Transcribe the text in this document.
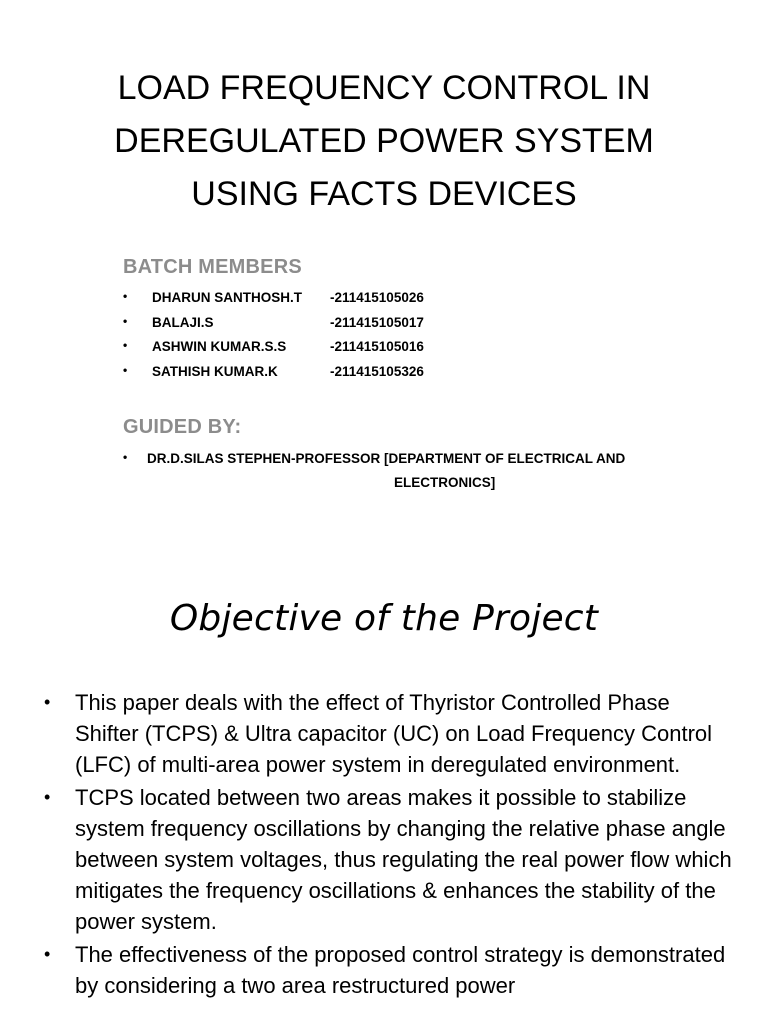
LOAD FREQUENCY CONTROL IN
DEREGULATED POWER SYSTEM
USING FACTS DEVICES
BATCH MEMBERS
• DHARUN SANTHOSH.T -211415105026
• BALAJI.S	-211415105017
• ASHWIN KUMAR.S.S	-211415105016
• SATHISH KUMAR.K	-211415105326
GUIDED BY:
• DR.D.SILAS STEPHEN-PROFESSOR [DEPARTMENT OF ELECTRICAL AND
ELECTRONICS]
Objective of the Project
• This paper deals with the effect of Thyristor Controlled Phase Shifter (TCPS) & Ultra capacitor (UC) on Load Frequency Control (LFC) of multi-area power system in deregulated environment.
• TCPS located between two areas makes it possible to stabilize system frequency oscillations by changing the relative phase angle between system voltages, thus regulating the real power flow which mitigates the frequency oscillations & enhances the stability of the power system.
• The effectiveness of the proposed control strategy is demonstrated by considering a two area restructured power
